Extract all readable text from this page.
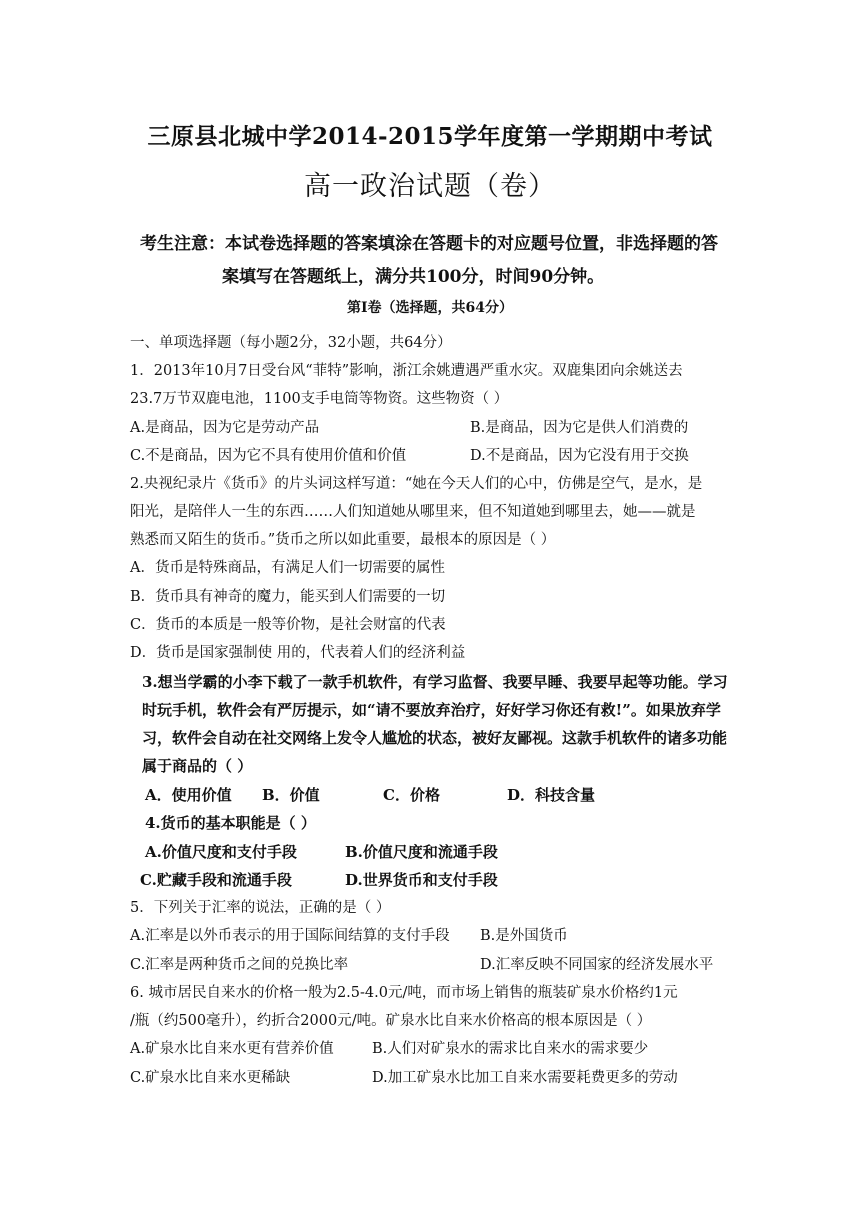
三原县北城中学2014-2015学年度第一学期期中考试
高一政治试题（卷）
考生注意：本试卷选择题的答案填涂在答题卡的对应题号位置，非选择题的答
案填写在答题纸上，满分共100分，时间90分钟。
第Ⅰ卷（选择题，共64分）
一、单项选择题（每小题2分，32小题，共64分）
1．2013年10月7日受台风“菲特”影响，浙江余姚遭遇严重水灾。双鹿集团向余姚送去
23.7万节双鹿电池，1100支手电筒等物资。这些物资（ ）
A.是商品，因为它是劳动产品	B.是商品，因为它是供人们消费的
C.不是商品，因为它不具有使用价值和价值	D.不是商品，因为它没有用于交换
2.央视纪录片《货币》的片头词这样写道：“她在今天人们的心中，仿佛是空气，是水，是
阳光，是陪伴人一生的东西……人们知道她从哪里来，但不知道她到哪里去，她——就是
熟悉而又陌生的货币。”货币之所以如此重要，最根本的原因是（ ）
A．货币是特殊商品，有满足人们一切需要的属性
B．货币具有神奇的魔力，能买到人们需要的一切
C．货币的本质是一般等价物，是社会财富的代表
D．货币是国家强制使 用的，代表着人们的经济利益
3.想当学霸的小李下载了一款手机软件，有学习监督、我要早睡、我要早起等功能。学习
时玩手机，软件会有严厉提示，如“请不要放弃治疗，好好学习你还有救!”。如果放弃学
习，软件会自动在社交网络上发令人尴尬的状态，被好友鄙视。这款手机软件的诸多功能
属于商品的（ ）
A．使用价值 B．价值	C．价格	D．科技含量
4.货币的基本职能是（ ）
A.价值尺度和支付手段	B.价值尺度和流通手段
C.贮藏手段和流通手段	D.世界货币和支付手段
5．下列关于汇率的说法，正确的是（ ）
A.汇率是以外币表示的用于国际间结算的支付手段 B.是外国货币
C.汇率是两种货币之间的兑换比率	D.汇率反映不同国家的经济发展水平
6. 城市居民自来水的价格一般为2.5-4.0元/吨，而市场上销售的瓶装矿泉水价格约1元
/瓶（约500毫升），约折合2000元/吨。矿泉水比自来水价格高的根本原因是（ ）
A.矿泉水比自来水更有营养价值	B.人们对矿泉水的需求比自来水的需求要少
C.矿泉水比自来水更稀缺	D.加工矿泉水比加工自来水需要耗费更多的劳动
